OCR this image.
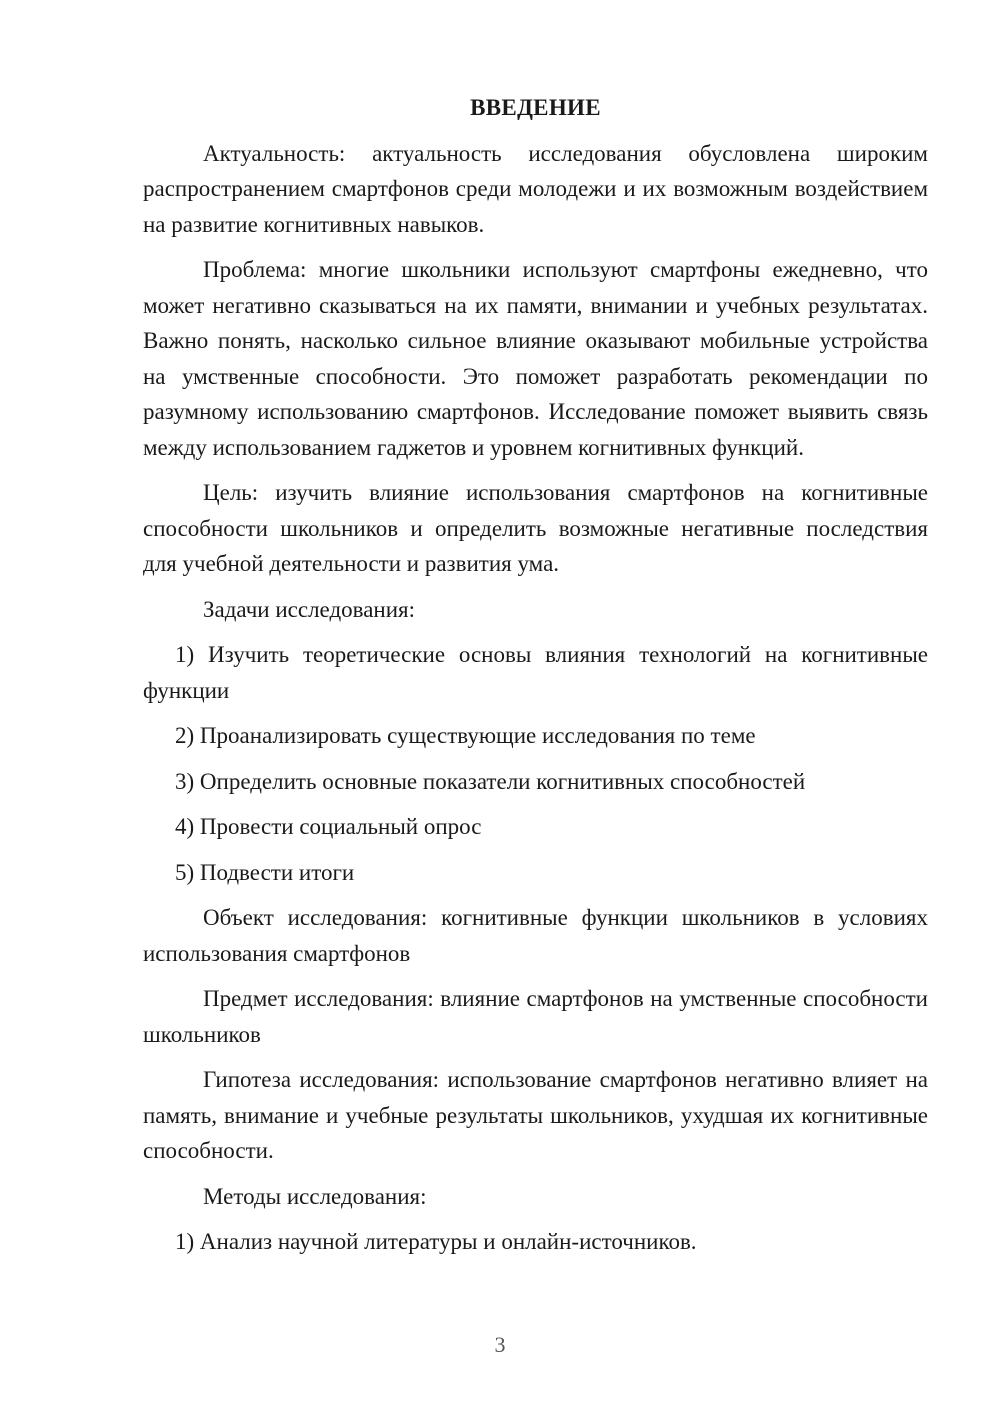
ВВЕДЕНИЕ
Актуальность: актуальность исследования обусловлена широким распространением смартфонов среди молодежи и их возможным воздействием на развитие когнитивных навыков.
Проблема: многие школьники используют смартфоны ежедневно, что может негативно сказываться на их памяти, внимании и учебных результатах. Важно понять, насколько сильное влияние оказывают мобильные устройства на умственные способности. Это поможет разработать рекомендации по разумному использованию смартфонов. Исследование поможет выявить связь между использованием гаджетов и уровнем когнитивных функций.
Цель: изучить влияние использования смартфонов на когнитивные способности школьников и определить возможные негативные последствия для учебной деятельности и развития ума.
Задачи исследования:
1) Изучить теоретические основы влияния технологий на когнитивные функции
2) Проанализировать существующие исследования по теме
3) Определить основные показатели когнитивных способностей
4) Провести социальный опрос
5) Подвести итоги
Объект исследования: когнитивные функции школьников в условиях использования смартфонов
Предмет исследования: влияние смартфонов на умственные способности школьников
Гипотеза исследования: использование смартфонов негативно влияет на память, внимание и учебные результаты школьников, ухудшая их когнитивные способности.
Методы исследования:
1) Анализ научной литературы и онлайн-источников.
3
